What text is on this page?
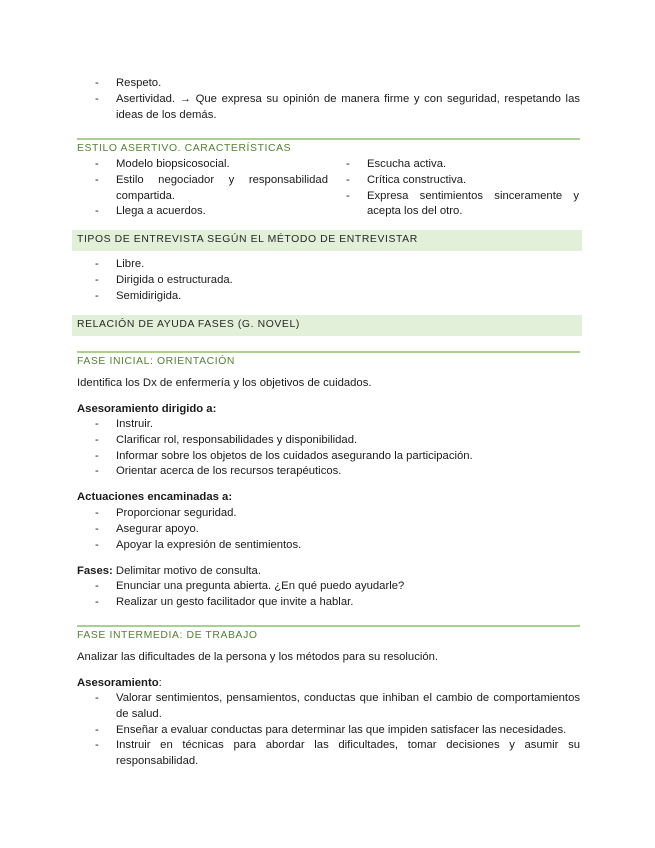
- Respeto.
- Asertividad. → Que expresa su opinión de manera firme y con seguridad, respetando las ideas de los demás.
ESTILO ASERTIVO. CARACTERÍSTICAS
- Modelo biopsicosocial.
- Estilo negociador y responsabilidad compartida.
- Llega a acuerdos.
- Escucha activa.
- Crítica constructiva.
- Expresa sentimientos sinceramente y acepta los del otro.
TIPOS DE ENTREVISTA SEGÚN EL MÉTODO DE ENTREVISTAR
- Libre.
- Dirigida o estructurada.
- Semidirigida.
RELACIÓN DE AYUDA FASES (G. NOVEL)
FASE INICIAL: ORIENTACIÓN
Identifica los Dx de enfermería y los objetivos de cuidados.
Asesoramiento dirigido a:
- Instruir.
- Clarificar rol, responsabilidades y disponibilidad.
- Informar sobre los objetos de los cuidados asegurando la participación.
- Orientar acerca de los recursos terapéuticos.
Actuaciones encaminadas a:
- Proporcionar seguridad.
- Asegurar apoyo.
- Apoyar la expresión de sentimientos.
Fases: Delimitar motivo de consulta.
- Enunciar una pregunta abierta. ¿En qué puedo ayudarle?
- Realizar un gesto facilitador que invite a hablar.
FASE INTERMEDIA: DE TRABAJO
Analizar las dificultades de la persona y los métodos para su resolución.
Asesoramiento:
- Valorar sentimientos, pensamientos, conductas que inhiban el cambio de comportamientos de salud.
- Enseñar a evaluar conductas para determinar las que impiden satisfacer las necesidades.
- Instruir en técnicas para abordar las dificultades, tomar decisiones y asumir su responsabilidad.
